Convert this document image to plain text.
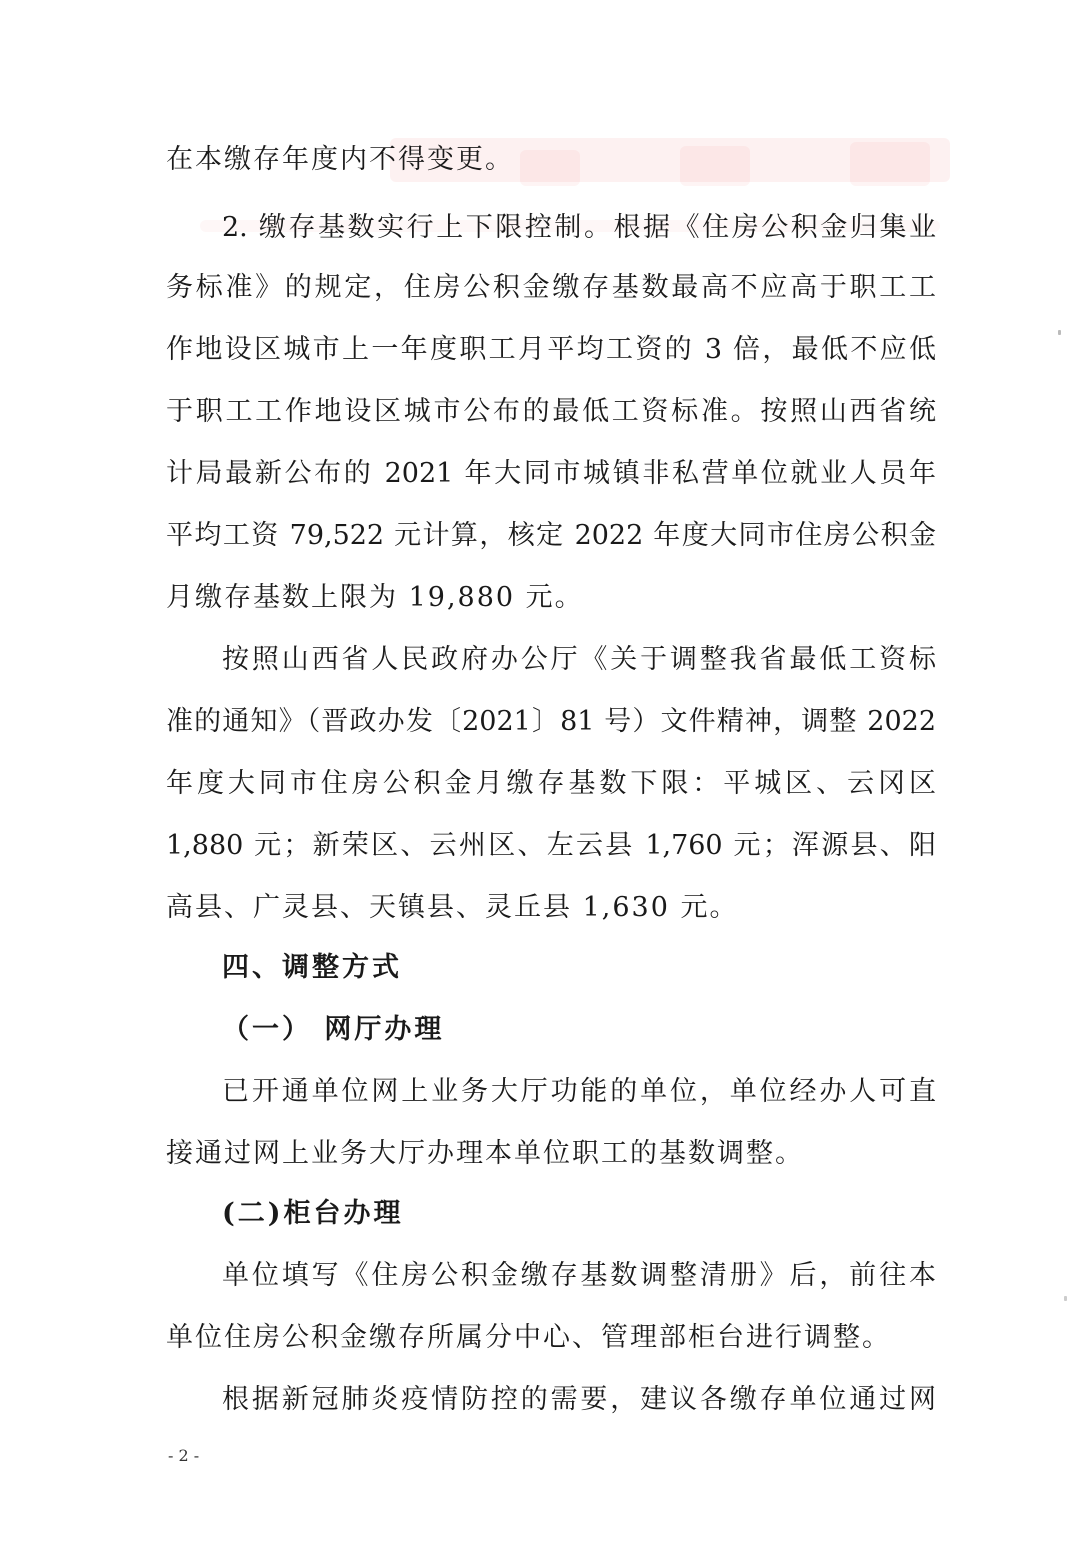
在本缴存年度内不得变更。
2. 缴存基数实行上下限控制。根据《住房公积金归集业
务标准》的规定，住房公积金缴存基数最高不应高于职工工
作地设区城市上一年度职工月平均工资的 3 倍，最低不应低
于职工工作地设区城市公布的最低工资标准。按照山西省统
计局最新公布的 2021 年大同市城镇非私营单位就业人员年
平均工资 79,522 元计算，核定 2022 年度大同市住房公积金
月缴存基数上限为 19,880 元。
按照山西省人民政府办公厅《关于调整我省最低工资标
准的通知》（晋政办发〔2021〕81 号）文件精神，调整 2022
年度大同市住房公积金月缴存基数下限：平城区、云冈区
1,880 元；新荣区、云州区、左云县 1,760 元；浑源县、阳
高县、广灵县、天镇县、灵丘县 1,630 元。
四、调整方式
（一） 网厅办理
已开通单位网上业务大厅功能的单位，单位经办人可直
接通过网上业务大厅办理本单位职工的基数调整。
(二)柜台办理
单位填写《住房公积金缴存基数调整清册》后，前往本
单位住房公积金缴存所属分中心、管理部柜台进行调整。
根据新冠肺炎疫情防控的需要，建议各缴存单位通过网
- 2 -
